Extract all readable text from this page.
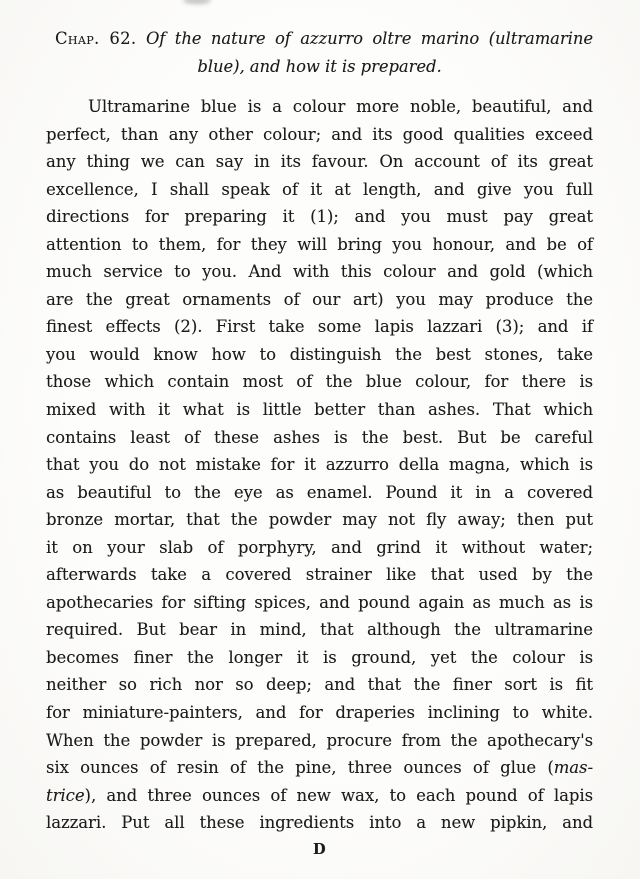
Chap. 62. Of the nature of azzurro oltre marino (ultramarine
blue), and how it is prepared.
Ultramarine blue is a colour more noble, beautiful, and
perfect, than any other colour; and its good qualities exceed
any thing we can say in its favour. On account of its great
excellence, I shall speak of it at length, and give you full
directions for preparing it (1); and you must pay great
attention to them, for they will bring you honour, and be of
much service to you. And with this colour and gold (which
are the great ornaments of our art) you may produce the
finest effects (2). First take some lapis lazzari (3); and if
you would know how to distinguish the best stones, take
those which contain most of the blue colour, for there is
mixed with it what is little better than ashes. That which
contains least of these ashes is the best. But be careful
that you do not mistake for it azzurro della magna, which is
as beautiful to the eye as enamel. Pound it in a covered
bronze mortar, that the powder may not fly away; then put
it on your slab of porphyry, and grind it without water;
afterwards take a covered strainer like that used by the
apothecaries for sifting spices, and pound again as much as is
required. But bear in mind, that although the ultramarine
becomes finer the longer it is ground, yet the colour is
neither so rich nor so deep; and that the finer sort is fit
for miniature-painters, and for draperies inclining to white.
When the powder is prepared, procure from the apothecary's
six ounces of resin of the pine, three ounces of glue (mas-
trice), and three ounces of new wax, to each pound of lapis
lazzari. Put all these ingredients into a new pipkin, and
D
